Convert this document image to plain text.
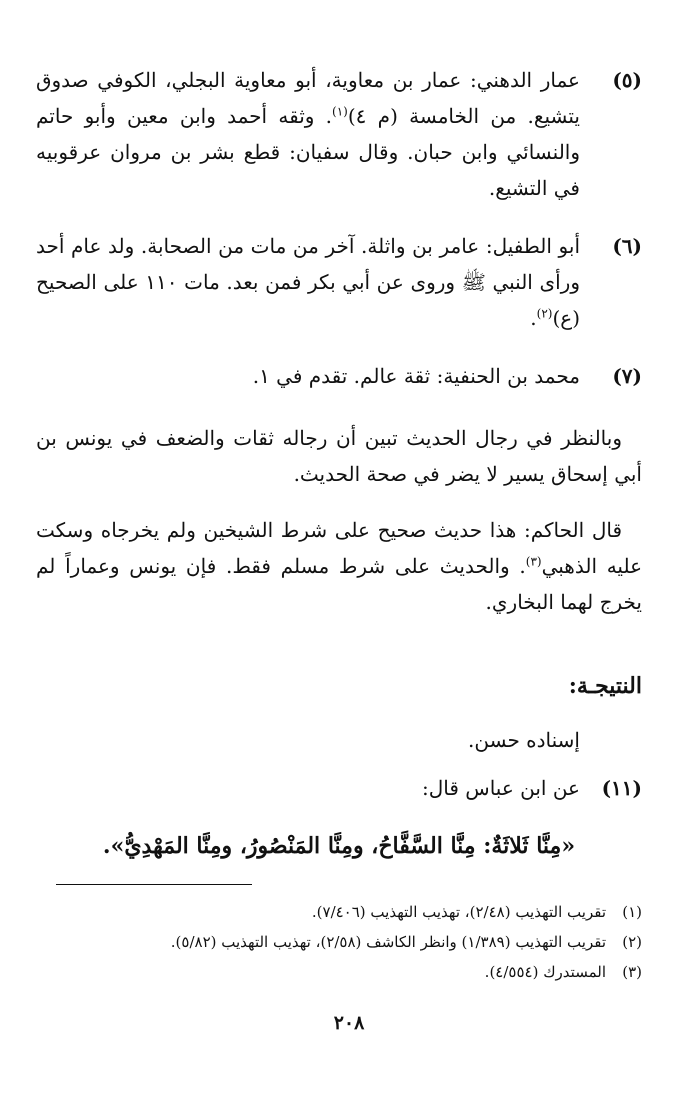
(٥)
عمار الدهني: عمار بن معاوية، أبو معاوية البجلي، الكوفي صدوق يتشيع. من الخامسة (م ٤)$^{(١)}$. وثقه أحمد وابن معين وأبو حاتم والنسائي وابن حبان. وقال سفيان: قطع بشر بن مروان عرقوبيه في التشيع.
(٦)
أبو الطفيل: عامر بن واثلة. آخر من مات من الصحابة. ولد عام أحد ورأى النبي ﷺ وروى عن أبي بكر فمن بعد. مات ١١٠ على الصحيح (ع)$^{(٢)}$.
(٧)
محمد بن الحنفية: ثقة عالم. تقدم في ١.
وبالنظر في رجال الحديث تبين أن رجاله ثقات والضعف في يونس بن أبي إسحاق يسير لا يضر في صحة الحديث.
قال الحاكم: هذا حديث صحيح على شرط الشيخين ولم يخرجاه وسكت عليه الذهبي$^{(٣)}$. والحديث على شرط مسلم فقط. فإن يونس وعماراً لم يخرج لهما البخاري.
النتيجـة:
إسناده حسن.
(١١)
عن ابن عباس قال:
«مِنَّا ثَلاثَةٌ: مِنَّا السَّفَّاحُ، ومِنَّا المَنْصُورُ، ومِنَّا المَهْدِيُّ».
(١)تقريب التهذيب (٢/٤٨)، تهذيب التهذيب (٧/٤٠٦).
(٢)تقريب التهذيب (١/٣٨٩) وانظر الكاشف (٢/٥٨)، تهذيب التهذيب (٥/٨٢).
(٣)المستدرك (٤/٥٥٤).
٢٠٨
